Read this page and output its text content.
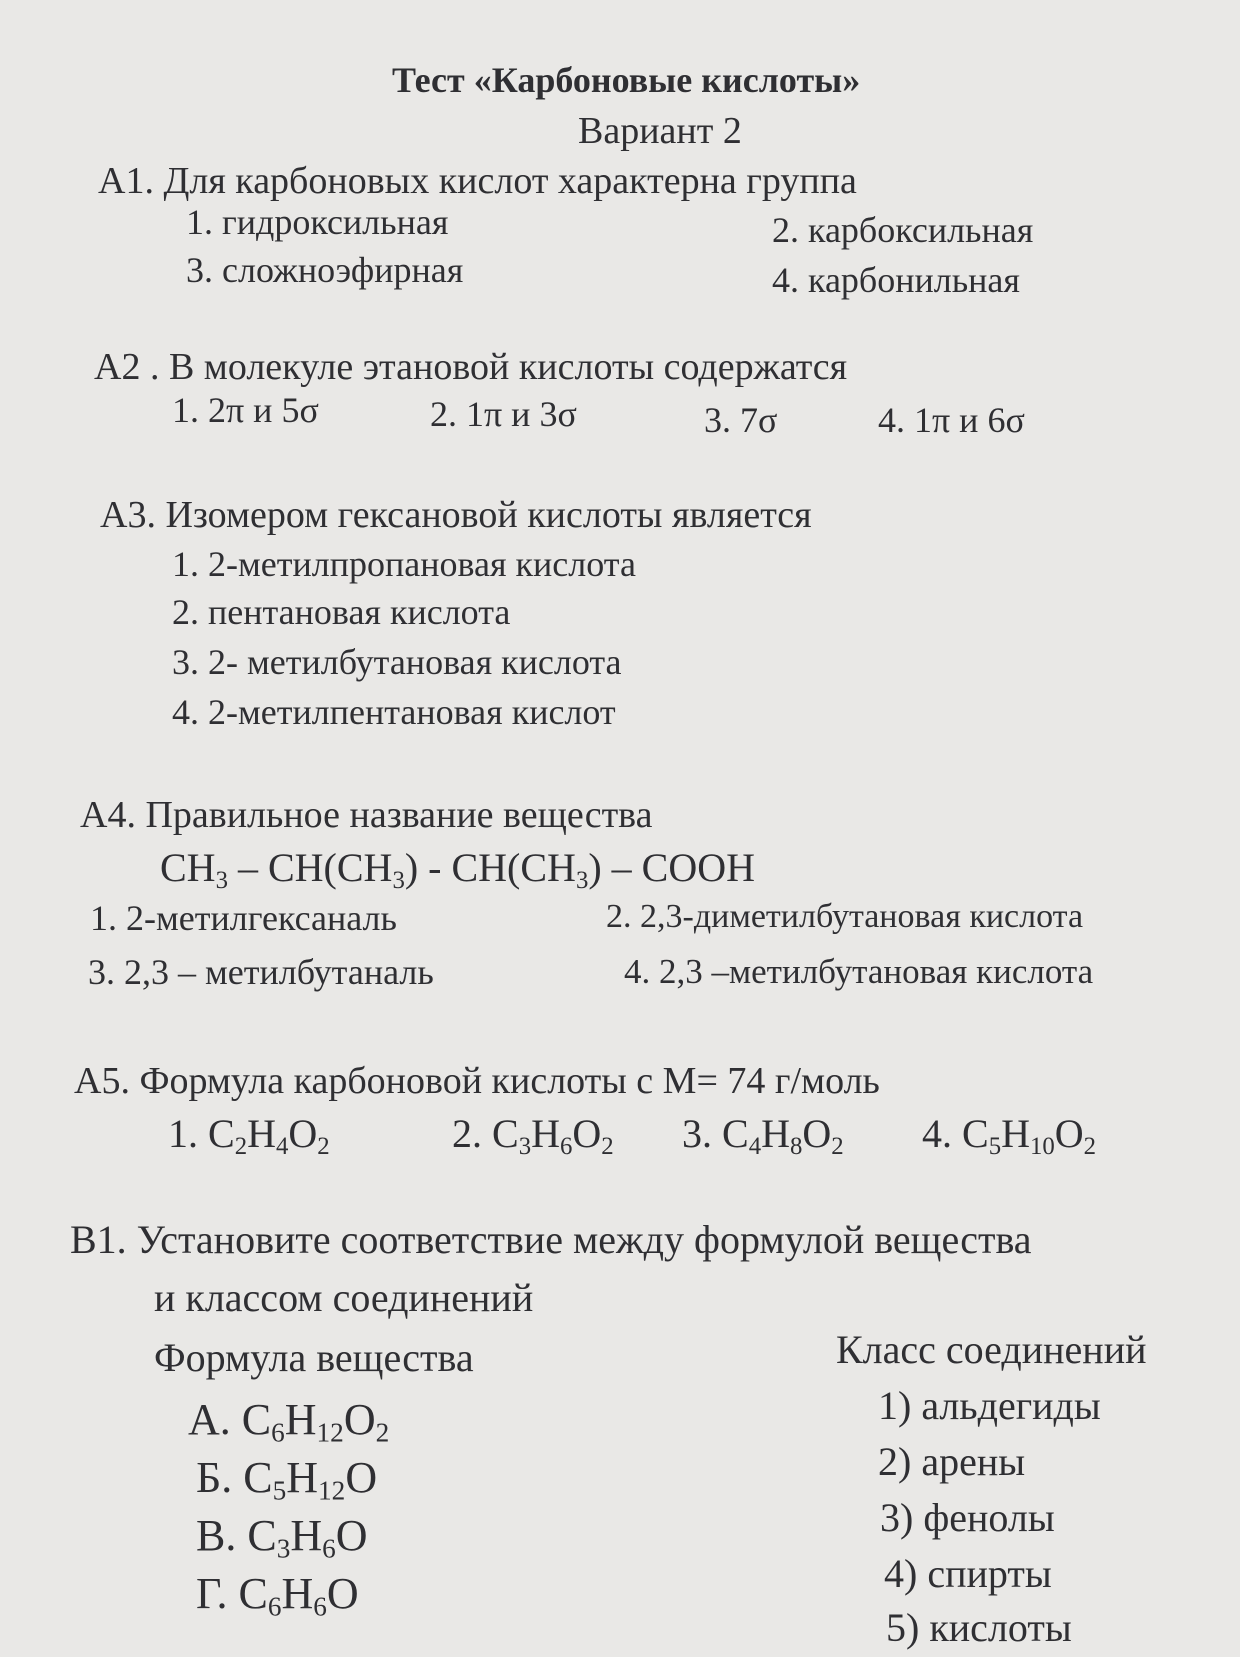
Тест «Карбоновые кислоты»
Вариант 2
А1. Для карбоновых кислот характерна группа
1. гидроксильная	2. карбоксильная
3. сложноэфирная	4. карбонильная
А2 . В молекуле этановой кислоты содержатся
1. 2π и 5σ	2. 1π и 3σ	3. 7σ	4. 1π и 6σ
А3. Изомером гексановой кислоты является
1. 2-метилпропановая кислота
2. пентановая кислота
3. 2- метилбутановая кислота
4. 2-метилпентановая кислот
А4. Правильное название вещества
$CH_3 - CH(CH_3) - CH(CH_3)$ – COOH
1. 2-метилгексаналь	2. 2,3-диметилбутановая кислота
3. 2,3 – метилбутаналь	4. 2,3 –метилбутановая кислота
А5. Формула карбоновой кислоты с М= 74 г/моль
1. $C_2H_4O_2$	2. $C_3H_6O_2$ 3. $C_4H_8O_2$ 4. $C_5H_{10}O_2$
В1. Установите соответствие между формулой вещества
и классом соединений
Формула вещества	Класс соединений
А. $C_6H_{12}O_2$
Б. $C_5H_{12}O$
В. $C_3H_6O$
Г. $C_6H_6O$
1) альдегиды
2) арены
3) фенолы
4) спирты
5) кислоты
